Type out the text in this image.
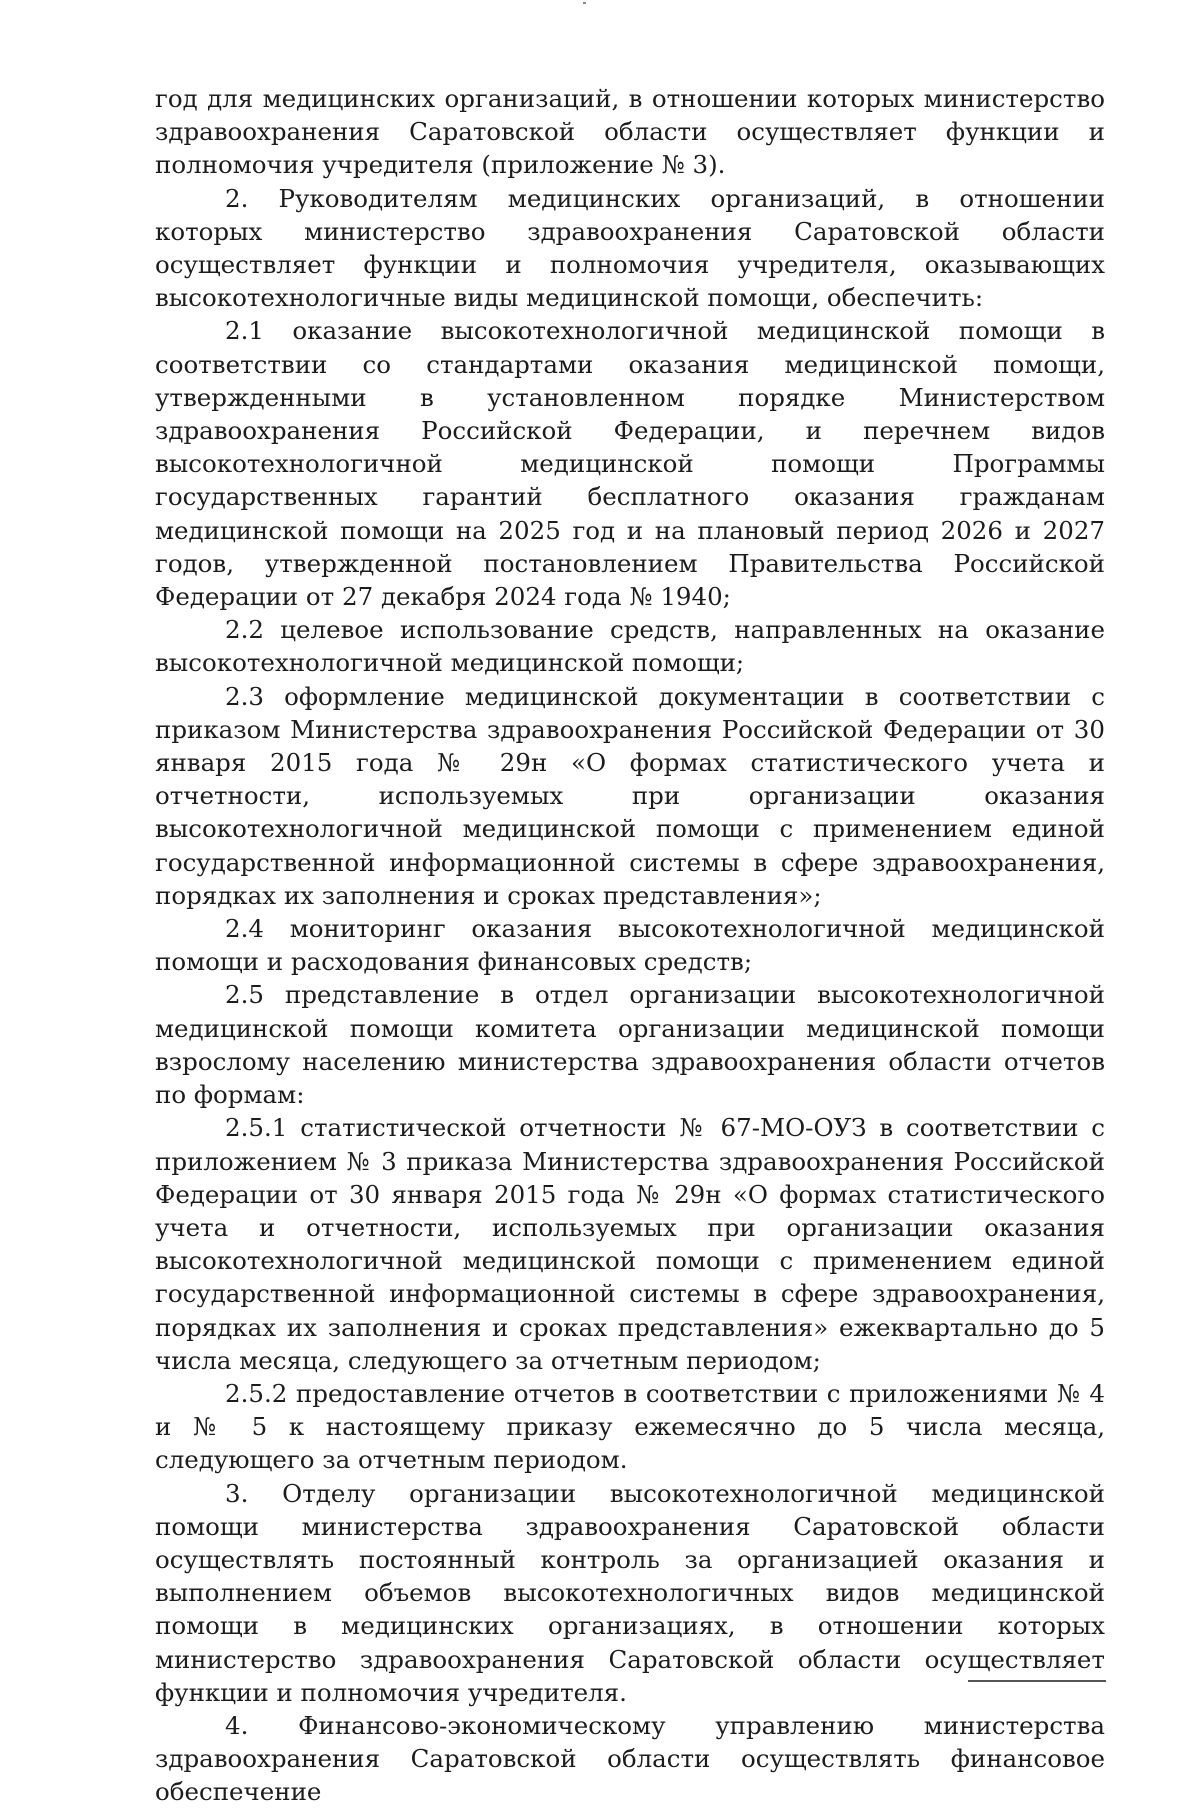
год для медицинских организаций, в отношении которых министерство здравоохранения Саратовской области осуществляет функции и полномочия учредителя (приложение № 3).

2. Руководителям медицинских организаций, в отношении которых министерство здравоохранения Саратовской области осуществляет функции и полномочия учредителя, оказывающих высокотехнологичные виды медицинской помощи, обеспечить:

2.1 оказание высокотехнологичной медицинской помощи в соответствии со стандартами оказания медицинской помощи, утвержденными в установленном порядке Министерством здравоохранения Российской Федерации, и перечнем видов высокотехнологичной медицинской помощи Программы государственных гарантий бесплатного оказания гражданам медицинской помощи на 2025 год и на плановый период 2026 и 2027 годов, утвержденной постановлением Правительства Российской Федерации от 27 декабря 2024 года № 1940;

2.2 целевое использование средств, направленных на оказание высокотехнологичной медицинской помощи;

2.3 оформление медицинской документации в соответствии с приказом Министерства здравоохранения Российской Федерации от 30 января 2015 года № 29н «О формах статистического учета и отчетности, используемых при организации оказания высокотехнологичной медицинской помощи с применением единой государственной информационной системы в сфере здравоохранения, порядках их заполнения и сроках представления»;

2.4 мониторинг оказания высокотехнологичной медицинской помощи и расходования финансовых средств;

2.5 представление в отдел организации высокотехнологичной медицинской помощи комитета организации медицинской помощи взрослому населению министерства здравоохранения области отчетов по формам:

2.5.1 статистической отчетности № 67-МО-ОУЗ в соответствии с приложением № 3 приказа Министерства здравоохранения Российской Федерации от 30 января 2015 года № 29н «О формах статистического учета и отчетности, используемых при организации оказания высокотехнологичной медицинской помощи с применением единой государственной информационной системы в сфере здравоохранения, порядках их заполнения и сроках представления» ежеквартально до 5 числа месяца, следующего за отчетным периодом;

2.5.2 предоставление отчетов в соответствии с приложениями № 4 и № 5 к настоящему приказу ежемесячно до 5 числа месяца, следующего за отчетным периодом.

3. Отделу организации высокотехнологичной медицинской помощи министерства здравоохранения Саратовской области осуществлять постоянный контроль за организацией оказания и выполнением объемов высокотехнологичных видов медицинской помощи в медицинских организациях, в отношении которых министерство здравоохранения Саратовской области осуществляет функции и полномочия учредителя.

4. Финансово-экономическому управлению министерства здравоохранения Саратовской области осуществлять финансовое обеспечение
